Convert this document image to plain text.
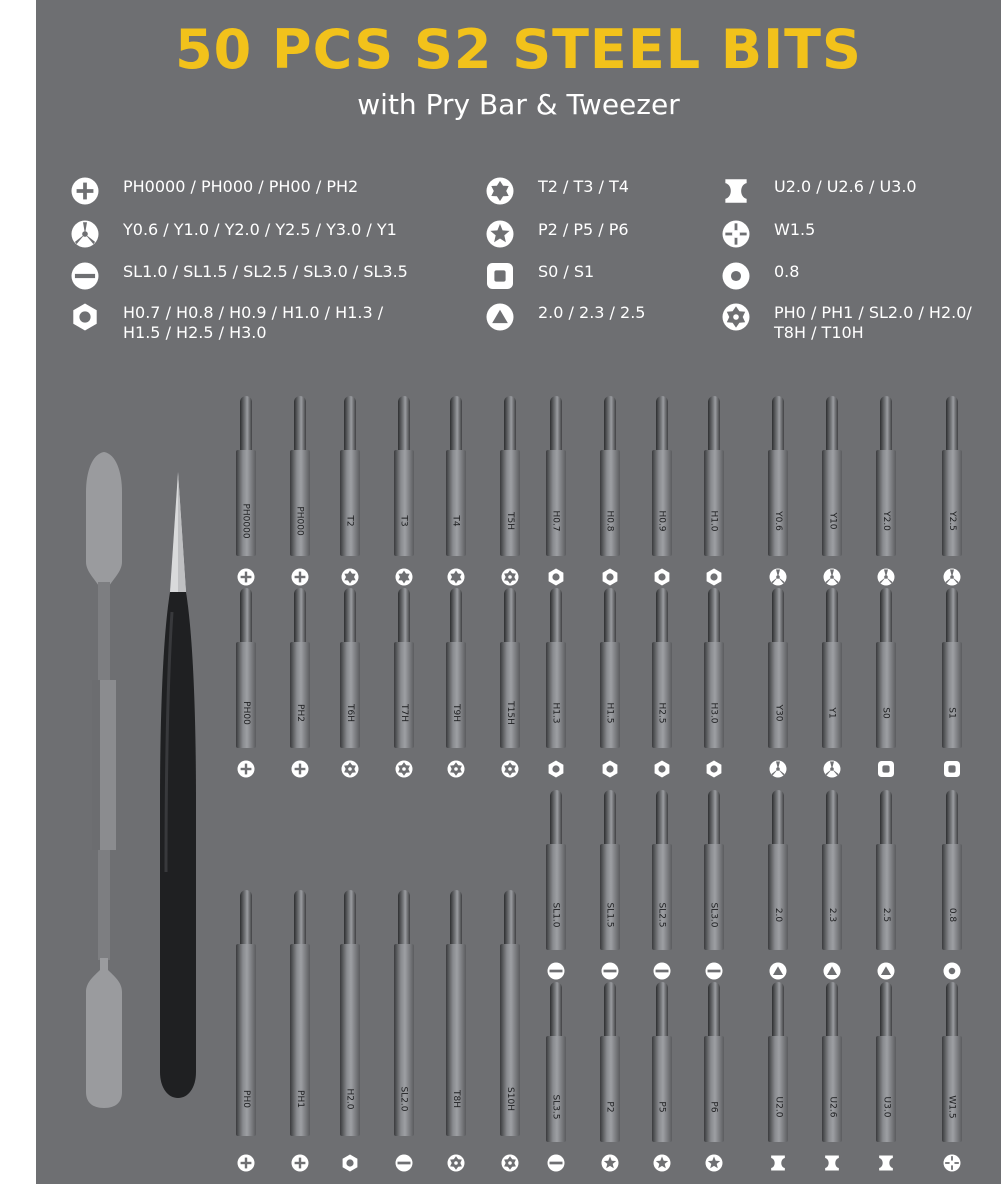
50 PCS S2 STEEL BITS
with Pry Bar & Tweezer
PH0000 / PH000 / PH00 / PH2
Y0.6 / Y1.0 / Y2.0 / Y2.5 / Y3.0 / Y1
SL1.0 / SL1.5 / SL2.5 / SL3.0 / SL3.5
H0.7 / H0.8 / H0.9 / H1.0 / H1.3 /
H1.5 / H2.5 / H3.0
T2 / T3 / T4
P2 / P5 / P6
S0 / S1
2.0 / 2.3 / 2.5
U2.0 / U2.6 / U3.0
W1.5
0.8
PH0 / PH1 / SL2.0 / H2.0/
T8H / T10H
PH0000	PH000	T2	T3	T4	T5H	H0.7	H0.8	H0.9	H1.0	Y0.6	Y10	Y2.0	Y2.5
PH00	PH2	T6H	T7H	T9H	T15H	H1.3	H1.5	H2.5	H3.0	Y30	Y1	S0	S1
SL1.0	SL1.5	SL2.5	SL3.0	2.0	2.3	2.5	0.8
PH0	PH1	H2.0	SL2.0	T8H	S10H	SL3.5	P2	P5	P6	U2.0	U2.6	U3.0	W1.5
